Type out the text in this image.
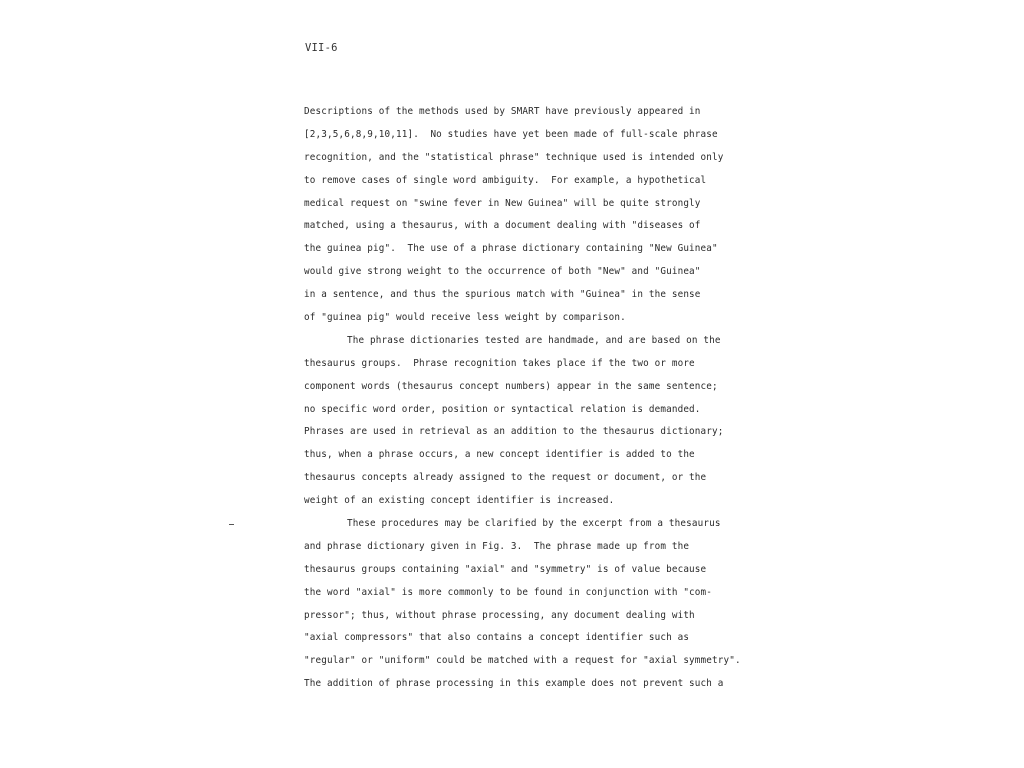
VII-6
Descriptions of the methods used by SMART have previously appeared in
[2,3,5,6,8,9,10,11].  No studies have yet been made of full-scale phrase
recognition, and the "statistical phrase" technique used is intended only
to remove cases of single word ambiguity.  For example, a hypothetical
medical request on "swine fever in New Guinea" will be quite strongly
matched, using a thesaurus, with a document dealing with "diseases of
the guinea pig".  The use of a phrase dictionary containing "New Guinea"
would give strong weight to the occurrence of both "New" and "Guinea"
in a sentence, and thus the spurious match with "Guinea" in the sense
of "guinea pig" would receive less weight by comparison.
The phrase dictionaries tested are handmade, and are based on the
thesaurus groups.  Phrase recognition takes place if the two or more
component words (thesaurus concept numbers) appear in the same sentence;
no specific word order, position or syntactical relation is demanded.
Phrases are used in retrieval as an addition to the thesaurus dictionary;
thus, when a phrase occurs, a new concept identifier is added to the
thesaurus concepts already assigned to the request or document, or the
weight of an existing concept identifier is increased.
These procedures may be clarified by the excerpt from a thesaurus
and phrase dictionary given in Fig. 3.  The phrase made up from the
thesaurus groups containing "axial" and "symmetry" is of value because
the word "axial" is more commonly to be found in conjunction with "com-
pressor"; thus, without phrase processing, any document dealing with
"axial compressors" that also contains a concept identifier such as
"regular" or "uniform" could be matched with a request for "axial symmetry".
The addition of phrase processing in this example does not prevent such a
